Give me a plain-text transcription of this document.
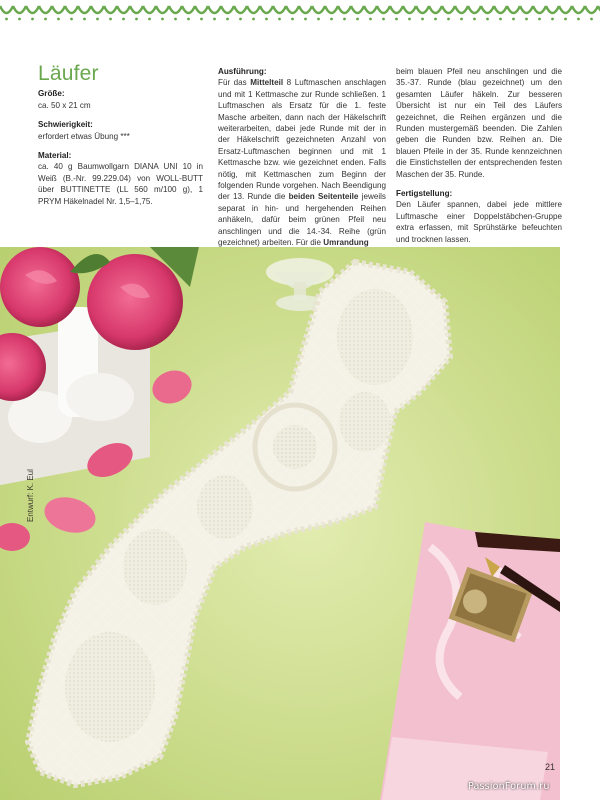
Läufer
Größe:
ca. 50 x 21 cm
Schwierigkeit:
erfordert etwas Übung ***
Material:
ca. 40 g Baumwollgarn DIANA UNI 10 in Weiß (B.-Nr. 99.229.04) von WOLL-BUTT über BUTTINETTE (LL 560 m/100 g), 1 PRYM Häkelnadel Nr. 1,5–1,75.
Ausführung:
Für das Mittelteil 8 Luftmaschen anschlagen und mit 1 Kettmasche zur Runde schließen. 1 Luftmaschen als Ersatz für die 1. feste Masche arbeiten, dann nach der Häkelschrift weiterarbeiten, dabei jede Runde mit der in der Häkelschrift gezeichneten Anzahl von Ersatz-Luftmaschen beginnen und mit 1 Kettmasche bzw. wie gezeichnet enden. Falls nötig, mit Kettmaschen zum Beginn der folgenden Runde vorgehen. Nach Beendigung der 13. Runde die beiden Seitenteile jeweils separat in hin- und hergehenden Reihen anhäkeln, dafür beim grünen Pfeil neu anschlingen und die 14.-34. Reihe (grün gezeichnet) arbeiten. Für die Umrandung
beim blauen Pfeil neu anschlingen und die 35.-37. Runde (blau gezeichnet) um den gesamten Läufer häkeln. Zur besseren Übersicht ist nur ein Teil des Läufers gezeichnet, die Reihen ergänzen und die Runden mustergemäß beenden. Die Zahlen geben die Runden bzw. Reihen an. Die blauen Pfeile in der 35. Runde kennzeichnen die Einstichstellen der entsprechenden festen Maschen der 35. Runde.
Fertigstellung:
Den Läufer spannen, dabei jede mittlere Luftmasche einer Doppelstäbchen-Gruppe extra erfassen, mit Sprühstärke befeuchten und trocknen lassen.
Entwurf: K. Eul
21
PassionForum.ru
